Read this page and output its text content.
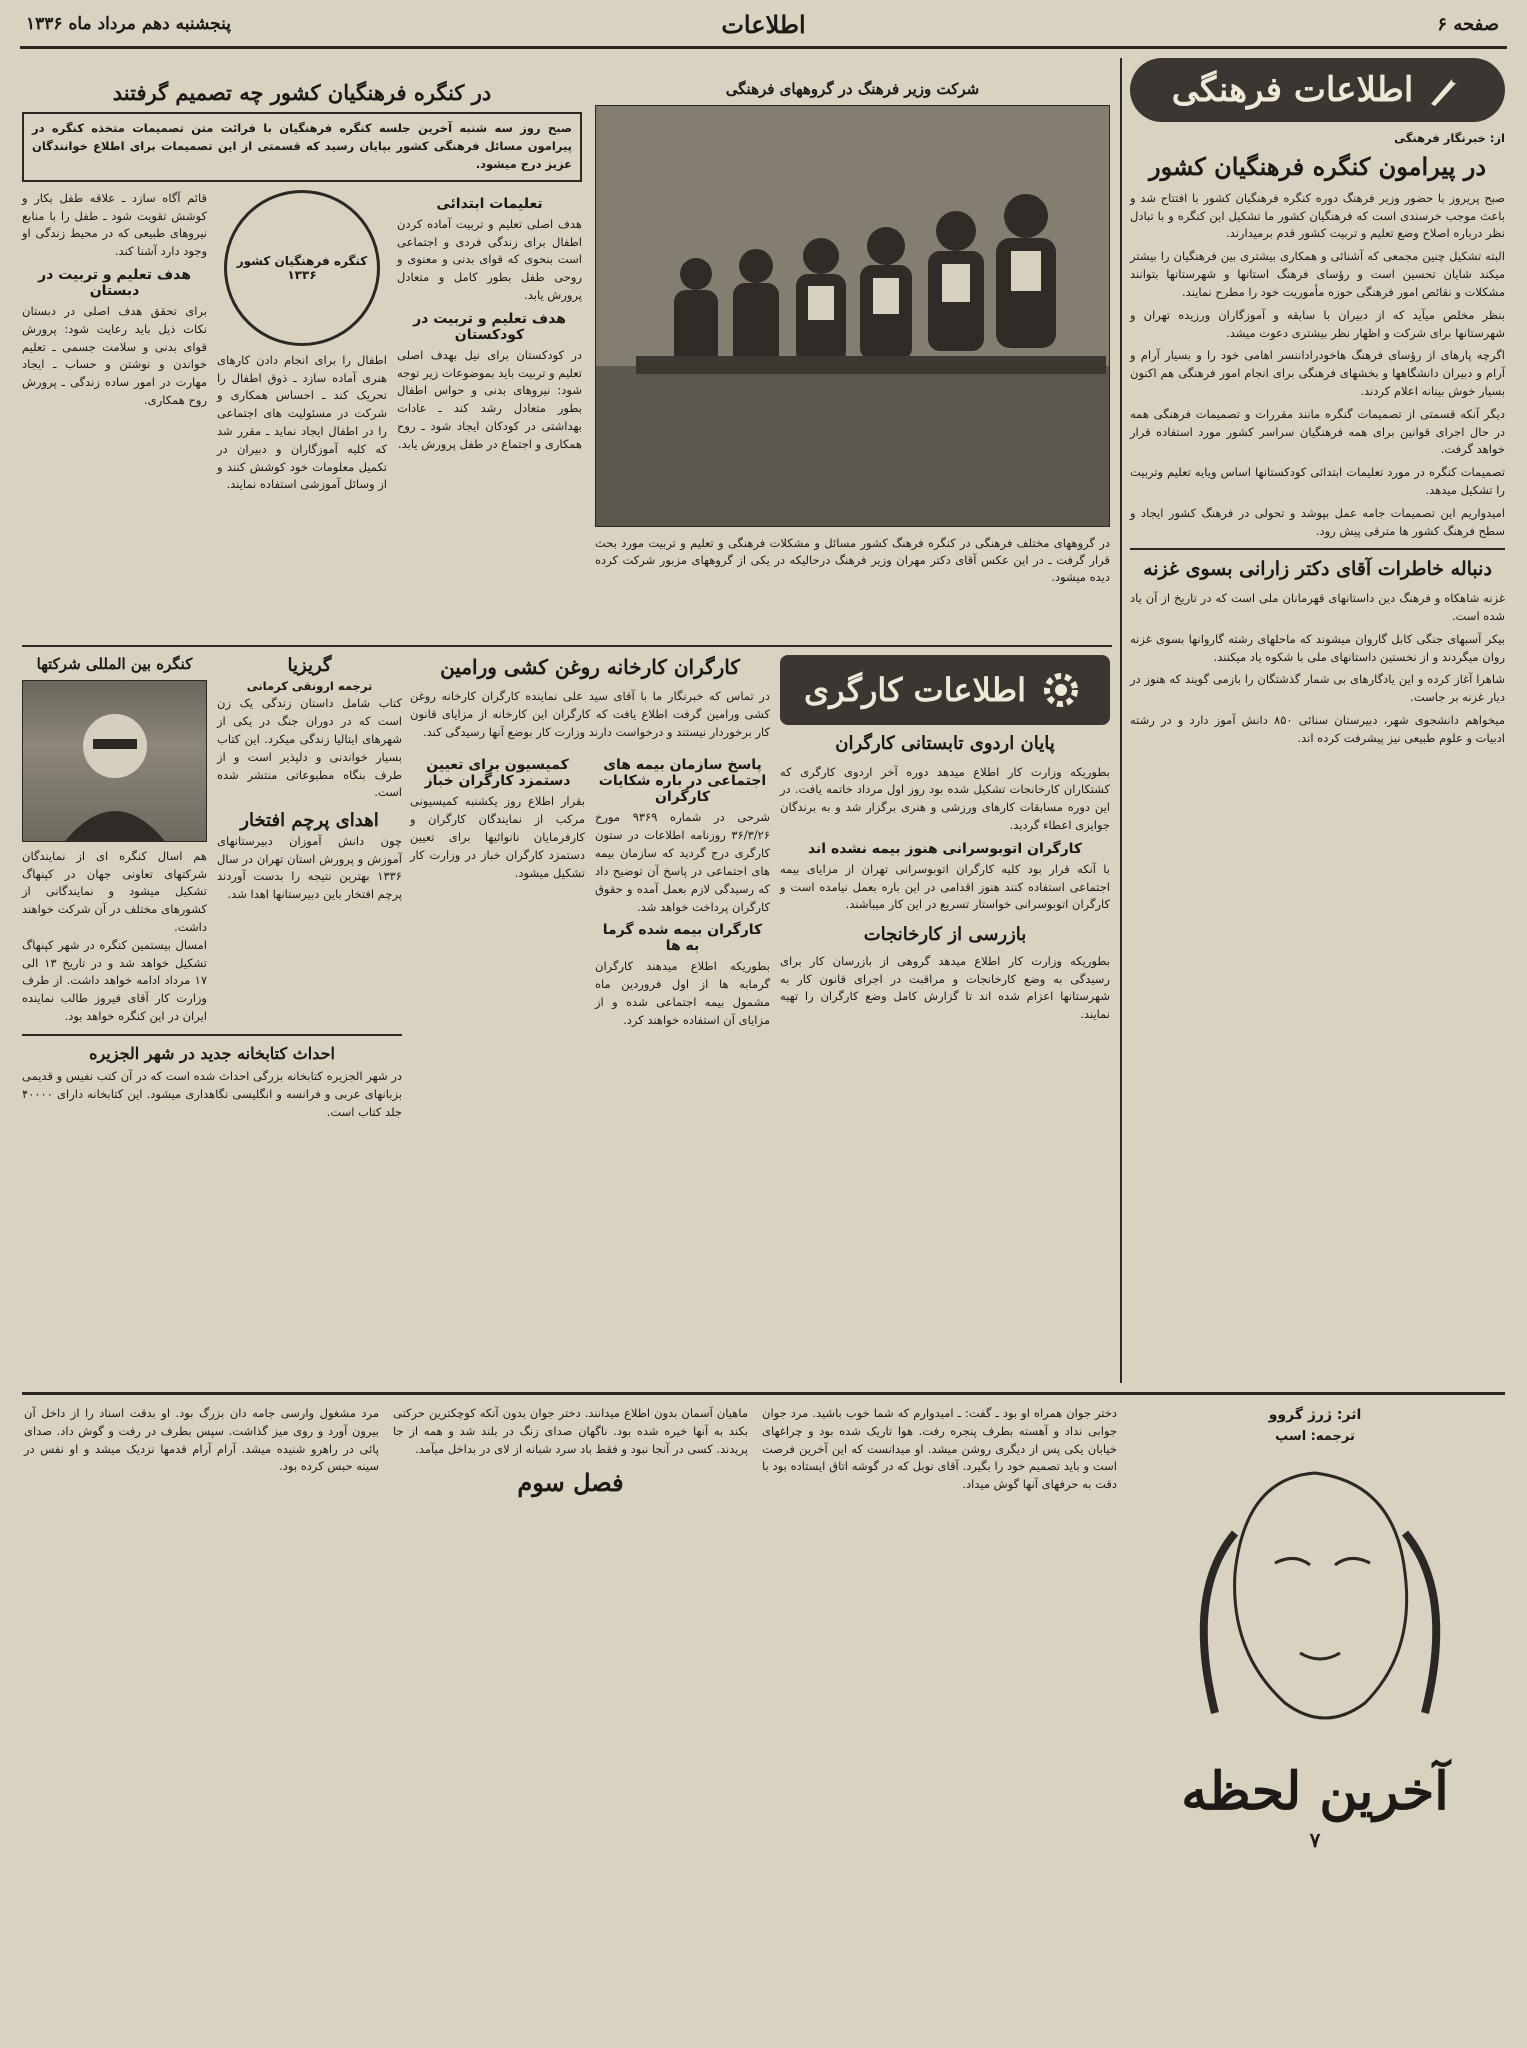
صفحه ۶
اطلاعات
پنجشنبه دهم مرداد ماه ۱۳۳۶
اطلاعات فرهنگی
از: خبرنگار فرهنگی
در پیرامون کنگره فرهنگیان کشور

صبح پریروز با حضور وزیر فرهنگ دوره کنگره فرهنگیان کشور با افتتاح شد و باعث موجب خرسندی است که فرهنگیان کشور ما تشکیل این کنگره و با تبادل نظر درباره اصلاح وضع تعلیم و تربیت کشور قدم برمیدارند.

البته تشکیل چنین مجمعی که آشنائی و همکاری بیشتری بین فرهنگیان را بیشتر میکند شایان تحسین است و رؤسای فرهنگ استانها و شهرستانها بتوانند مشکلات و نقائص امور فرهنگی حوزه مأموریت خود را مطرح نمایند.

بنظر مخلص میآید که از دبیران با سابقه و آموزگاران ورزیده تهران و شهرستانها برای شرکت و اظهار نظر بیشتری دعوت میشد.

اگرچه پارهای از رؤسای فرهنگ هاخودراداننسر اهامی خود را و بسیار آرام و آرام و دبیران دانشگاهها و بخشهای فرهنگی برای انجام امور فرهنگی هم اکنون بسیار خوش بینانه اعلام کردند.

دیگر آنکه قسمتی از تصمیمات گنگره مانند مقررات و تصمیمات فرهنگی همه در حال اجرای قوانین برای همه فرهنگیان سراسر کشور مورد استفاده قرار خواهد گرفت.

تصمیمات کنگره در مورد تعلیمات ابتدائی کودکستانها اساس ویایه تعلیم وتربیت را تشکیل میدهد.

امیدواریم این تصمیمات جامه عمل بپوشد و تحولی در فرهنگ کشور ایجاد و سطح فرهنگ کشور ها مترقی پیش رود.

دنباله خاطرات آقای دکتر زارانی بسوی غزنه

غزنه شاهکاه و فرهنگ دین داستانهای قهرمانان ملی است که در تاریخ از آن یاد شده است.

بیکر آسبهای جنگی کابل گاروان میشوند که ماحلهای رشته گاروانها بسوی غزنه روان میگردند و از نخستین داستانهای ملی با شکوه یاد میکنند.

شاهرا آغاز کرده و این یادگارهای بی شمار گذشتگان را بازمی گویند که هنوز در دیار غزنه بر جاست.

میخواهم دانشجوی شهر، دبیرستان سنائی ۸۵۰ دانش آموز دارد و در رشته ادبیات و علوم طبیعی نیز پیشرفت کرده اند.

شرکت وزیر فرهنگ در گروههای فرهنگی
در گروههای مختلف فرهنگی در کنگره فرهنگ کشور مسائل و مشکلات فرهنگی و تعلیم و تربیت مورد بحث قرار گرفت ـ در این عکس آقای دکتر مهران وزیر فرهنگ درحالیکه در یکی از گروههای مزبور شرکت کرده دیده میشود.
در کنگره فرهنگیان کشور چه تصمیم گرفتند
صبح روز سه شنبه آخرین جلسه کنگره فرهنگیان با فرائت متن تصمیمات متخذه کنگره در پیرامون مسائل فرهنگی کشور بپایان رسید که قسمتی از این تصمیمات برای اطلاع خوانندگان عزیز درج میشود.
تعلیمات ابتدائی
هدف اصلی تعلیم و تربیت آماده کردن اطفال برای زندگی فردی و اجتماعی است بنحوی که قوای بدنی و معنوی و روحی طفل بطور کامل و متعادل پرورش یابد.
هدف تعلیم و تربیت در کودکستان
در کودکستان برای نیل بهدف اصلی تعلیم و تربیت باید بموضوعات زیر توجه شود: نیروهای بدنی و حواس اطفال بطور متعادل رشد کند ـ عادات بهداشتی در کودکان ایجاد شود ـ روح همکاری و اجتماع در طفل پرورش یابد.
کنگره فرهنگیان کشور ۱۳۳۶
اطفال را برای انجام دادن کارهای هنری آماده سازد ـ ذوق اطفال را تحریک کند ـ احساس همکاری و شرکت در مسئولیت های اجتماعی را در اطفال ایجاد نماید ـ مقرر شد که کلیه آموزگاران و دبیران در تکمیل معلومات خود کوشش کنند و از وسائل آموزشی استفاده نمایند.
قائم آگاه سازد ـ علاقه طفل بکار و کوشش تقویت شود ـ طفل را با منابع نیروهای طبیعی که در محیط زندگی او وجود دارد آشنا کند.
هدف تعلیم و تربیت در دبستان
برای تحقق هدف اصلی در دبستان نکات ذیل باید رعایت شود: پرورش قوای بدنی و سلامت جسمی ـ تعلیم خواندن و نوشتن و حساب ـ ایجاد مهارت در امور ساده زندگی ـ پرورش روح همکاری.
اطلاعات کارگری
پایان اردوی تابستانی کارگران
بطوریکه وزارت کار اطلاع میدهد دوره آخر اردوی کارگری که کشتکاران کارخانجات تشکیل شده بود روز اول مرداد خاتمه یافت. در این دوره مسابقات کارهای ورزشی و هنری برگزار شد و به برندگان جوایزی اعطاء گردید.
کارگران اتوبوسرانی هنوز بیمه نشده اند
با آنکه قرار بود کلیه کارگران اتوبوسرانی تهران از مزایای بیمه اجتماعی استفاده کنند هنوز اقدامی در این باره بعمل نیامده است و کارگران اتوبوسرانی خواستار تسریع در این کار میباشند.
بازرسی از کارخانجات
بطوریکه وزارت کار اطلاع میدهد گروهی از بازرسان کار برای رسیدگی به وضع کارخانجات و مراقبت در اجرای قانون کار به شهرستانها اعزام شده اند تا گزارش کامل وضع کارگران را تهیه نمایند.
کارگران کارخانه روغن کشی ورامین
در تماس که خبرنگار ما با آقای سید علی نماینده کارگران کارخانه روغن کشی ورامین گرفت اطلاع یافت که کارگران این کارخانه از مزایای قانون کار برخوردار نیستند و درخواست دارند وزارت کار بوضع آنها رسیدگی کند.
پاسخ سازمان بیمه های اجتماعی در باره شکایات کارگران
شرحی در شماره ۹۳۶۹ مورخ ۳۶/۳/۲۶ روزنامه اطلاعات در ستون کارگری درج گردید که سازمان بیمه های اجتماعی در پاسخ آن توضیح داد که رسیدگی لازم بعمل آمده و حقوق کارگران پرداخت خواهد شد.
کارگران بیمه شده گرما به ها
بطوریکه اطلاع میدهند کارگران گرمابه ها از اول فروردین ماه مشمول بیمه اجتماعی شده و از مزایای آن استفاده خواهند کرد.
کمیسیون برای تعیین دستمزد کارگران خباز
بقرار اطلاع روز یکشنبه کمیسیونی مرکب از نمایندگان کارگران و کارفرمایان نانوائیها برای تعیین دستمزد کارگران خباز در وزارت کار تشکیل میشود.
گریزیا
ترجمه ارونقی کرمانی
کتاب شامل داستان زندگی یک زن است که در دوران جنگ در یکی از شهرهای ایتالیا زندگی میکرد. این کتاب بسیار خواندنی و دلپذیر است و از طرف بنگاه مطبوعاتی منتشر شده است.
اهدای پرچم افتخار
چون دانش آموزان دبیرستانهای آموزش و پرورش استان تهران در سال ۱۳۳۶ بهترین نتیجه را بدست آوردند پرچم افتخار باین دبیرستانها اهدا شد.
کنگره بین المللی شرکتها
هم اسال کنگره ای از نمایندگان شرکتهای تعاونی جهان در کپنهاگ تشکیل میشود و نمایندگانی از کشورهای مختلف در آن شرکت خواهند داشت.
امسال بیستمین کنگره در شهر کپنهاگ تشکیل خواهد شد و در تاریخ ۱۳ الی ۱۷ مرداد ادامه خواهد داشت. از طرف وزارت کار آقای فیروز طالب نماینده ایران در این کنگره خواهد بود.
احداث کتابخانه جدید در شهر الجزیره
در شهر الجزیره کتابخانه بزرگی احداث شده است که در آن کتب نفیس و قدیمی بزبانهای عربی و فرانسه و انگلیسی نگاهداری میشود. این کتابخانه دارای ۴۰۰۰۰ جلد کتاب است.
اثر: ژرژ گروو
ترجمه: اسپ
آخرین لحظه
۷
دختر جوان همراه او بود ـ گفت: ـ امیدوارم که شما خوب باشید. مرد جوان جوابی نداد و آهسته بطرف پنجره رفت. هوا تاریک شده بود و چراغهای خیابان یکی پس از دیگری روشن میشد. او میدانست که این آخرین فرصت است و باید تصمیم خود را بگیرد. آقای نوبل که در گوشه اتاق ایستاده بود با دقت به حرفهای آنها گوش میداد.
ماهیان آسمان بدون اطلاع میدانند. دختر جوان بدون آنکه کوچکترین حرکتی بکند به آنها خیره شده بود. ناگهان صدای زنگ در بلند شد و همه از جا پریدند. کسی در آنجا نبود و فقط باد سرد شبانه از لای در بداخل میآمد.
فصل سوم
مرد مشغول وارسی جامه دان بزرگ بود. او بدقت اسناد را از داخل آن بیرون آورد و روی میز گذاشت. سپس بطرف در رفت و گوش داد. صدای پائی در راهرو شنیده میشد. آرام آرام قدمها نزدیک میشد و او نفس در سینه حبس کرده بود.
